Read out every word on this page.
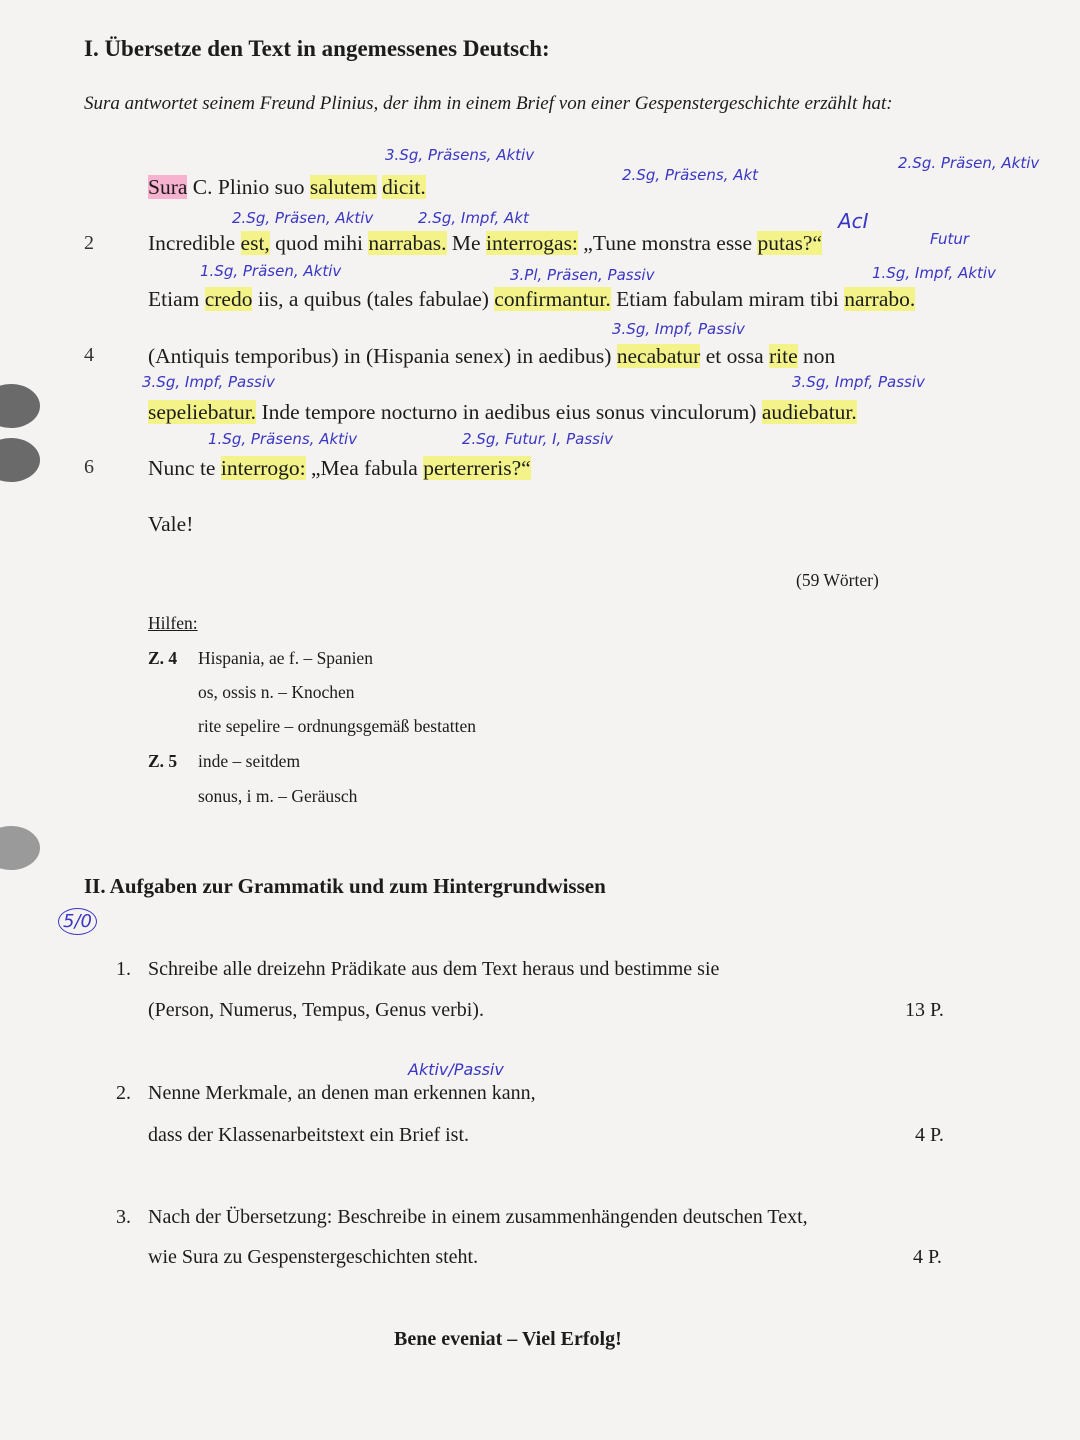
I. Übersetze den Text in angemessenes Deutsch:
Sura antwortet seinem Freund Plinius, der ihm in einem Brief von einer Gespenstergeschichte erzählt hat:
3.Sg, Präsens, Aktiv
2.Sg, Präsens, Akt
2.Sg. Präsen, Aktiv
2.Sg, Präsen, Aktiv	2.Sg, Impf, Akt	AcI
Futur
1.Sg, Präsen, Aktiv	3.Pl, Präsen, Passiv	1.Sg, Impf, Aktiv
3.Sg, Impf, Passiv
3.Sg, Impf, Passiv	3.Sg, Impf, Passiv
1.Sg, Präsens, Aktiv	2.Sg, Futur, I, Passiv
2
4
6
Sura C. Plinio suo salutem dicit.
Incredible est, quod mihi narrabas. Me interrogas: „Tune monstra esse putas?“
Etiam credo iis, a quibus (tales fabulae) confirmantur. Etiam fabulam miram tibi narrabo.
(Antiquis temporibus) in (Hispania senex) in aedibus) necabatur et ossa rite non
sepeliebatur. Inde tempore nocturno in aedibus eius sonus vinculorum) audiebatur.
Nunc te interrogo: „Mea fabula perterreris?“
Vale!
(59 Wörter)
Hilfen:
Z. 4 Hispania, ae f. – Spanien
os, ossis n. – Knochen
rite sepelire – ordnungsgemäß bestatten
Z. 5 inde – seitdem
sonus, i m. – Geräusch
II. Aufgaben zur Grammatik und zum Hintergrundwissen
5/0
1. Schreibe alle dreizehn Prädikate aus dem Text heraus und bestimme sie
(Person, Numerus, Tempus, Genus verbi).	13 P.
Aktiv/Passiv
2. Nenne Merkmale, an denen man erkennen kann,
dass der Klassenarbeitstext ein Brief ist.	4 P.
3. Nach der Übersetzung: Beschreibe in einem zusammenhängenden deutschen Text,
wie Sura zu Gespenstergeschichten steht.	4 P.
Bene eveniat – Viel Erfolg!
